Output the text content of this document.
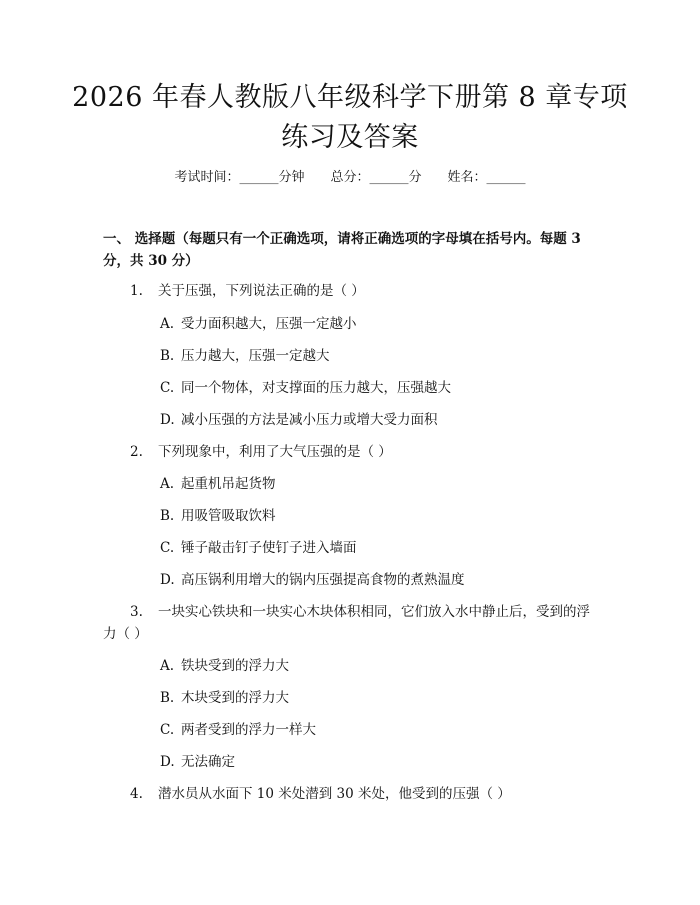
2026 年春人教版八年级科学下册第 8 章专项
练习及答案
考试时间：______分钟 总分：______分 姓名：______
一、 选择题（每题只有一个正确选项，请将正确选项的字母填在括号内。每题 3
分，共 30 分）
1.	关于压强，下列说法正确的是（ ）
A. 受力面积越大，压强一定越小
B. 压力越大，压强一定越大
C. 同一个物体，对支撑面的压力越大，压强越大
D. 减小压强的方法是减小压力或增大受力面积
2.	下列现象中，利用了大气压强的是（ ）
A. 起重机吊起货物
B. 用吸管吸取饮料
C. 锤子敲击钉子使钉子进入墙面
D. 高压锅利用增大的锅内压强提高食物的煮熟温度
3.	一块实心铁块和一块实心木块体积相同，它们放入水中静止后，受到的浮
力（ ）
A. 铁块受到的浮力大
B. 木块受到的浮力大
C. 两者受到的浮力一样大
D. 无法确定
4.	潜水员从水面下 10 米处潜到 30 米处，他受到的压强（ ）
